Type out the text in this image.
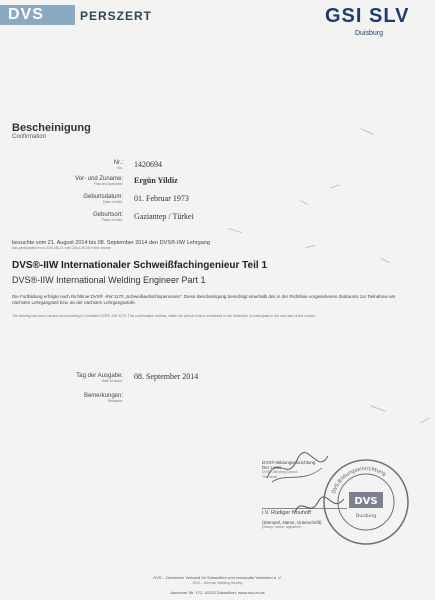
DVS	PERSZERT	GSI SLV
Duisburg
Bescheinigung
Confirmation
Nr.:
No. 1420694
Vor- und Zuname:
First and surname: Ergün Yildiz
Geburtsdatum:
Date of birth: 01. Februar 1973
Geburtsort:
Place of birth: Gaziantep / Türkei
besuchte vom 21. August 2014 bis 08. September 2014 den DVS®-IIW Lehrgang
has participated from 2014-08-21 until 2014-09-08 in the course
DVS®-IIW Internationaler Schweißfachingenieur Teil 1
DVS®-IIW International Welding Engineer Part 1
Die Fortbildung erfolgte nach Richtlinie DVS® -IIW 1170 „Schweißaufsichtspersonen“. Diese Bescheinigung berechtigt innerhalb des in der Richtlinie vorgesehenen Zeitraums zur Teilnahme am nächsten Lehrgangsteil bzw. an der nächsten Lehrgangsstufe.
The training has been carried out according to Guideline DVS® -IIW 1170. This confirmation entitles, within the period of time scheduled in the Guideline, to participate in the next part of the course.
Tag der Ausgabe:
Date of issue: 08. September 2014
Bemerkungen:
Remarks:
DVS®-Bildungseinrichtung
Der Leiter
DVS®-Welding School
The head
i.V. Rüdiger Nouhoff
(Stempel, Name, Unterschrift)
(Stamp, name, signature)
DVS
Duisburg
DVS-Bildungseinrichtung
DVS – Deutscher Verband für Schweißen und verwandte Verfahren e. V.
DVS – German Welding Society
Aachener Str. 172, 40223 Düsseldorf, www.dvs-ev.de
